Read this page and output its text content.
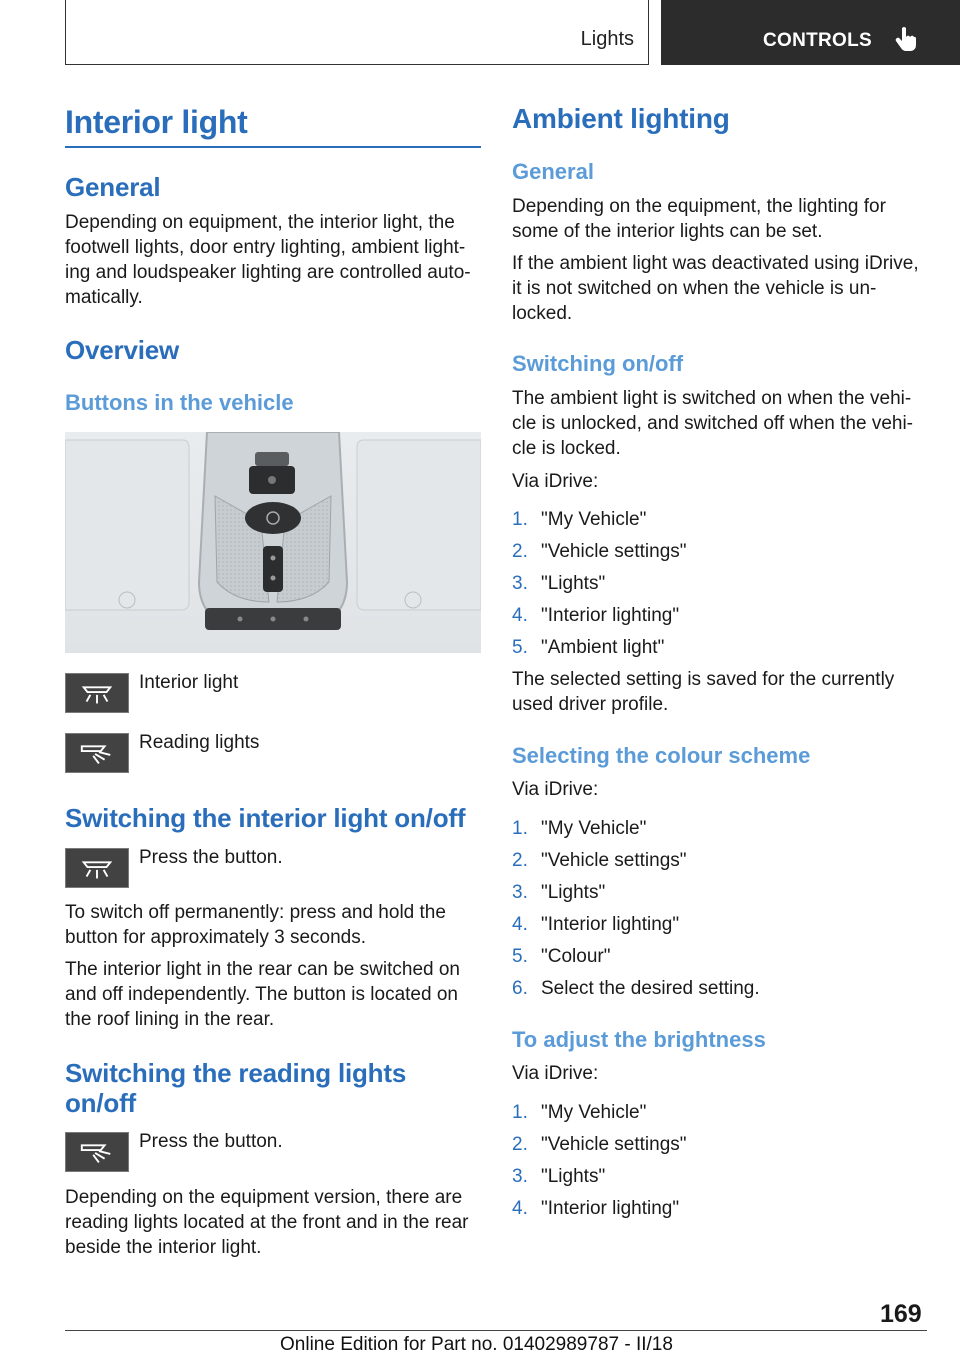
Lights	CONTROLS
Interior light
General
Depending on equipment, the interior light, the footwell lights, door entry lighting, ambient light-ing and loudspeaker lighting are controlled auto-matically.
Overview
Buttons in the vehicle
Interior light
Reading lights
Switching the interior light on/off
Press the button.
To switch off permanently: press and hold the button for approximately 3 seconds.
The interior light in the rear can be switched on and off independently. The button is located on the roof lining in the rear.
Switching the reading lights
on/off
Press the button.
Depending on the equipment version, there are reading lights located at the front and in the rear beside the interior light.
Ambient lighting
General
Depending on the equipment, the lighting for some of the interior lights can be set.
If the ambient light was deactivated using iDrive, it is not switched on when the vehicle is un-locked.
Switching on/off
The ambient light is switched on when the vehi-cle is unlocked, and switched off when the vehi-cle is locked.
Via iDrive:
1. "My Vehicle"
2. "Vehicle settings"
3. "Lights"
4. "Interior lighting"
5. "Ambient light"
The selected setting is saved for the currently used driver profile.
Selecting the colour scheme
Via iDrive:
1. "My Vehicle"
2. "Vehicle settings"
3. "Lights"
4. "Interior lighting"
5. "Colour"
6. Select the desired setting.
To adjust the brightness
Via iDrive:
1. "My Vehicle"
2. "Vehicle settings"
3. "Lights"
4. "Interior lighting"
169
Online Edition for Part no. 01402989787 - II/18
